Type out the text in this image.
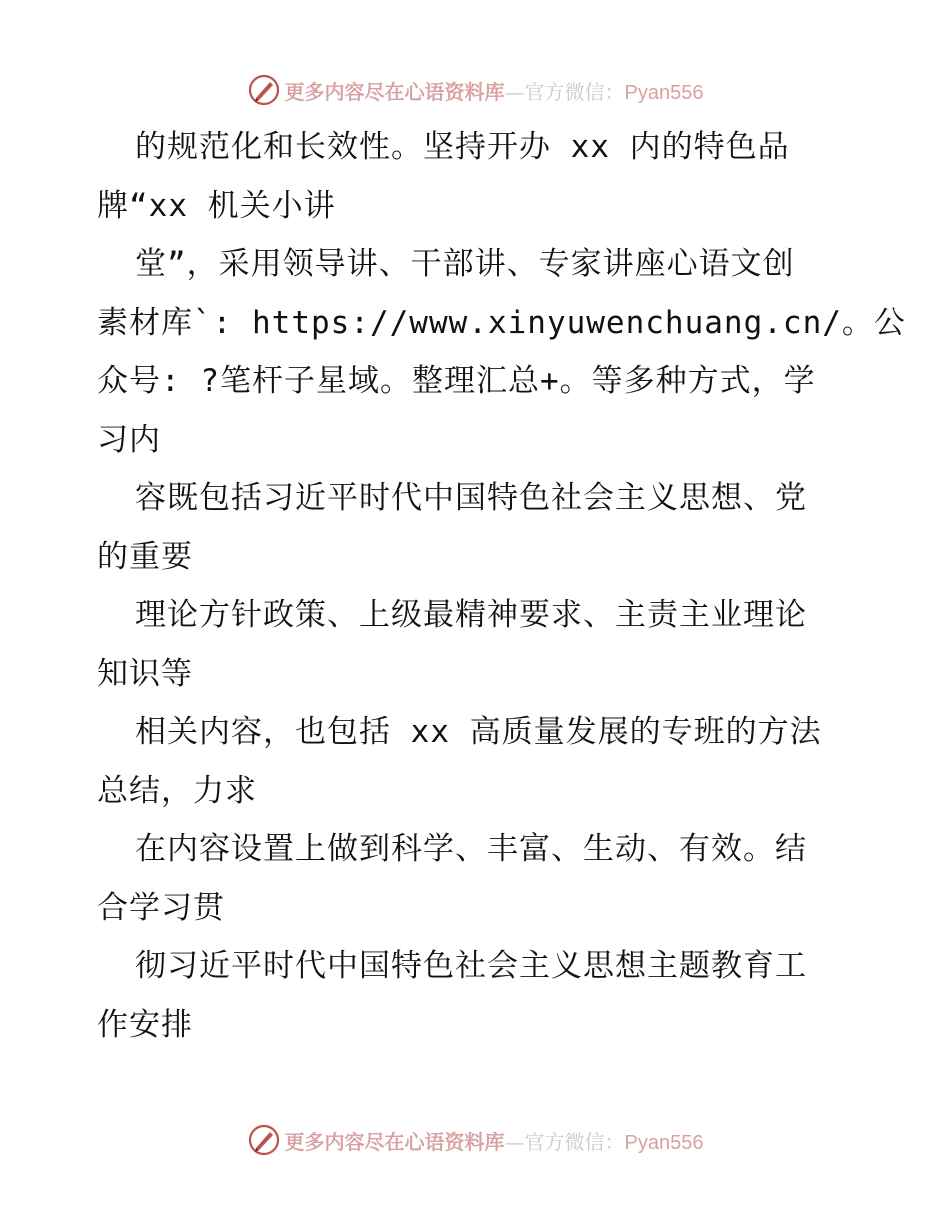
更多内容尽在心语资料库—官方微信：Pyan556
的规范化和长效性。坚持开办 xx 内的特色品
牌“xx 机关小讲
堂”，采用领导讲、干部讲、专家讲座心语文创
素材库`: https://www.xinyuwenchuang.cn/。公
众号: ?笔杆子星域。整理汇总+。等多种方式，学
习内
容既包括习近平时代中国特色社会主义思想、党
的重要
理论方针政策、上级最精神要求、主责主业理论
知识等
相关内容，也包括 xx 高质量发展的专班的方法
总结，力求
在内容设置上做到科学、丰富、生动、有效。结
合学习贯
彻习近平时代中国特色社会主义思想主题教育工
作安排
更多内容尽在心语资料库—官方微信：Pyan556
